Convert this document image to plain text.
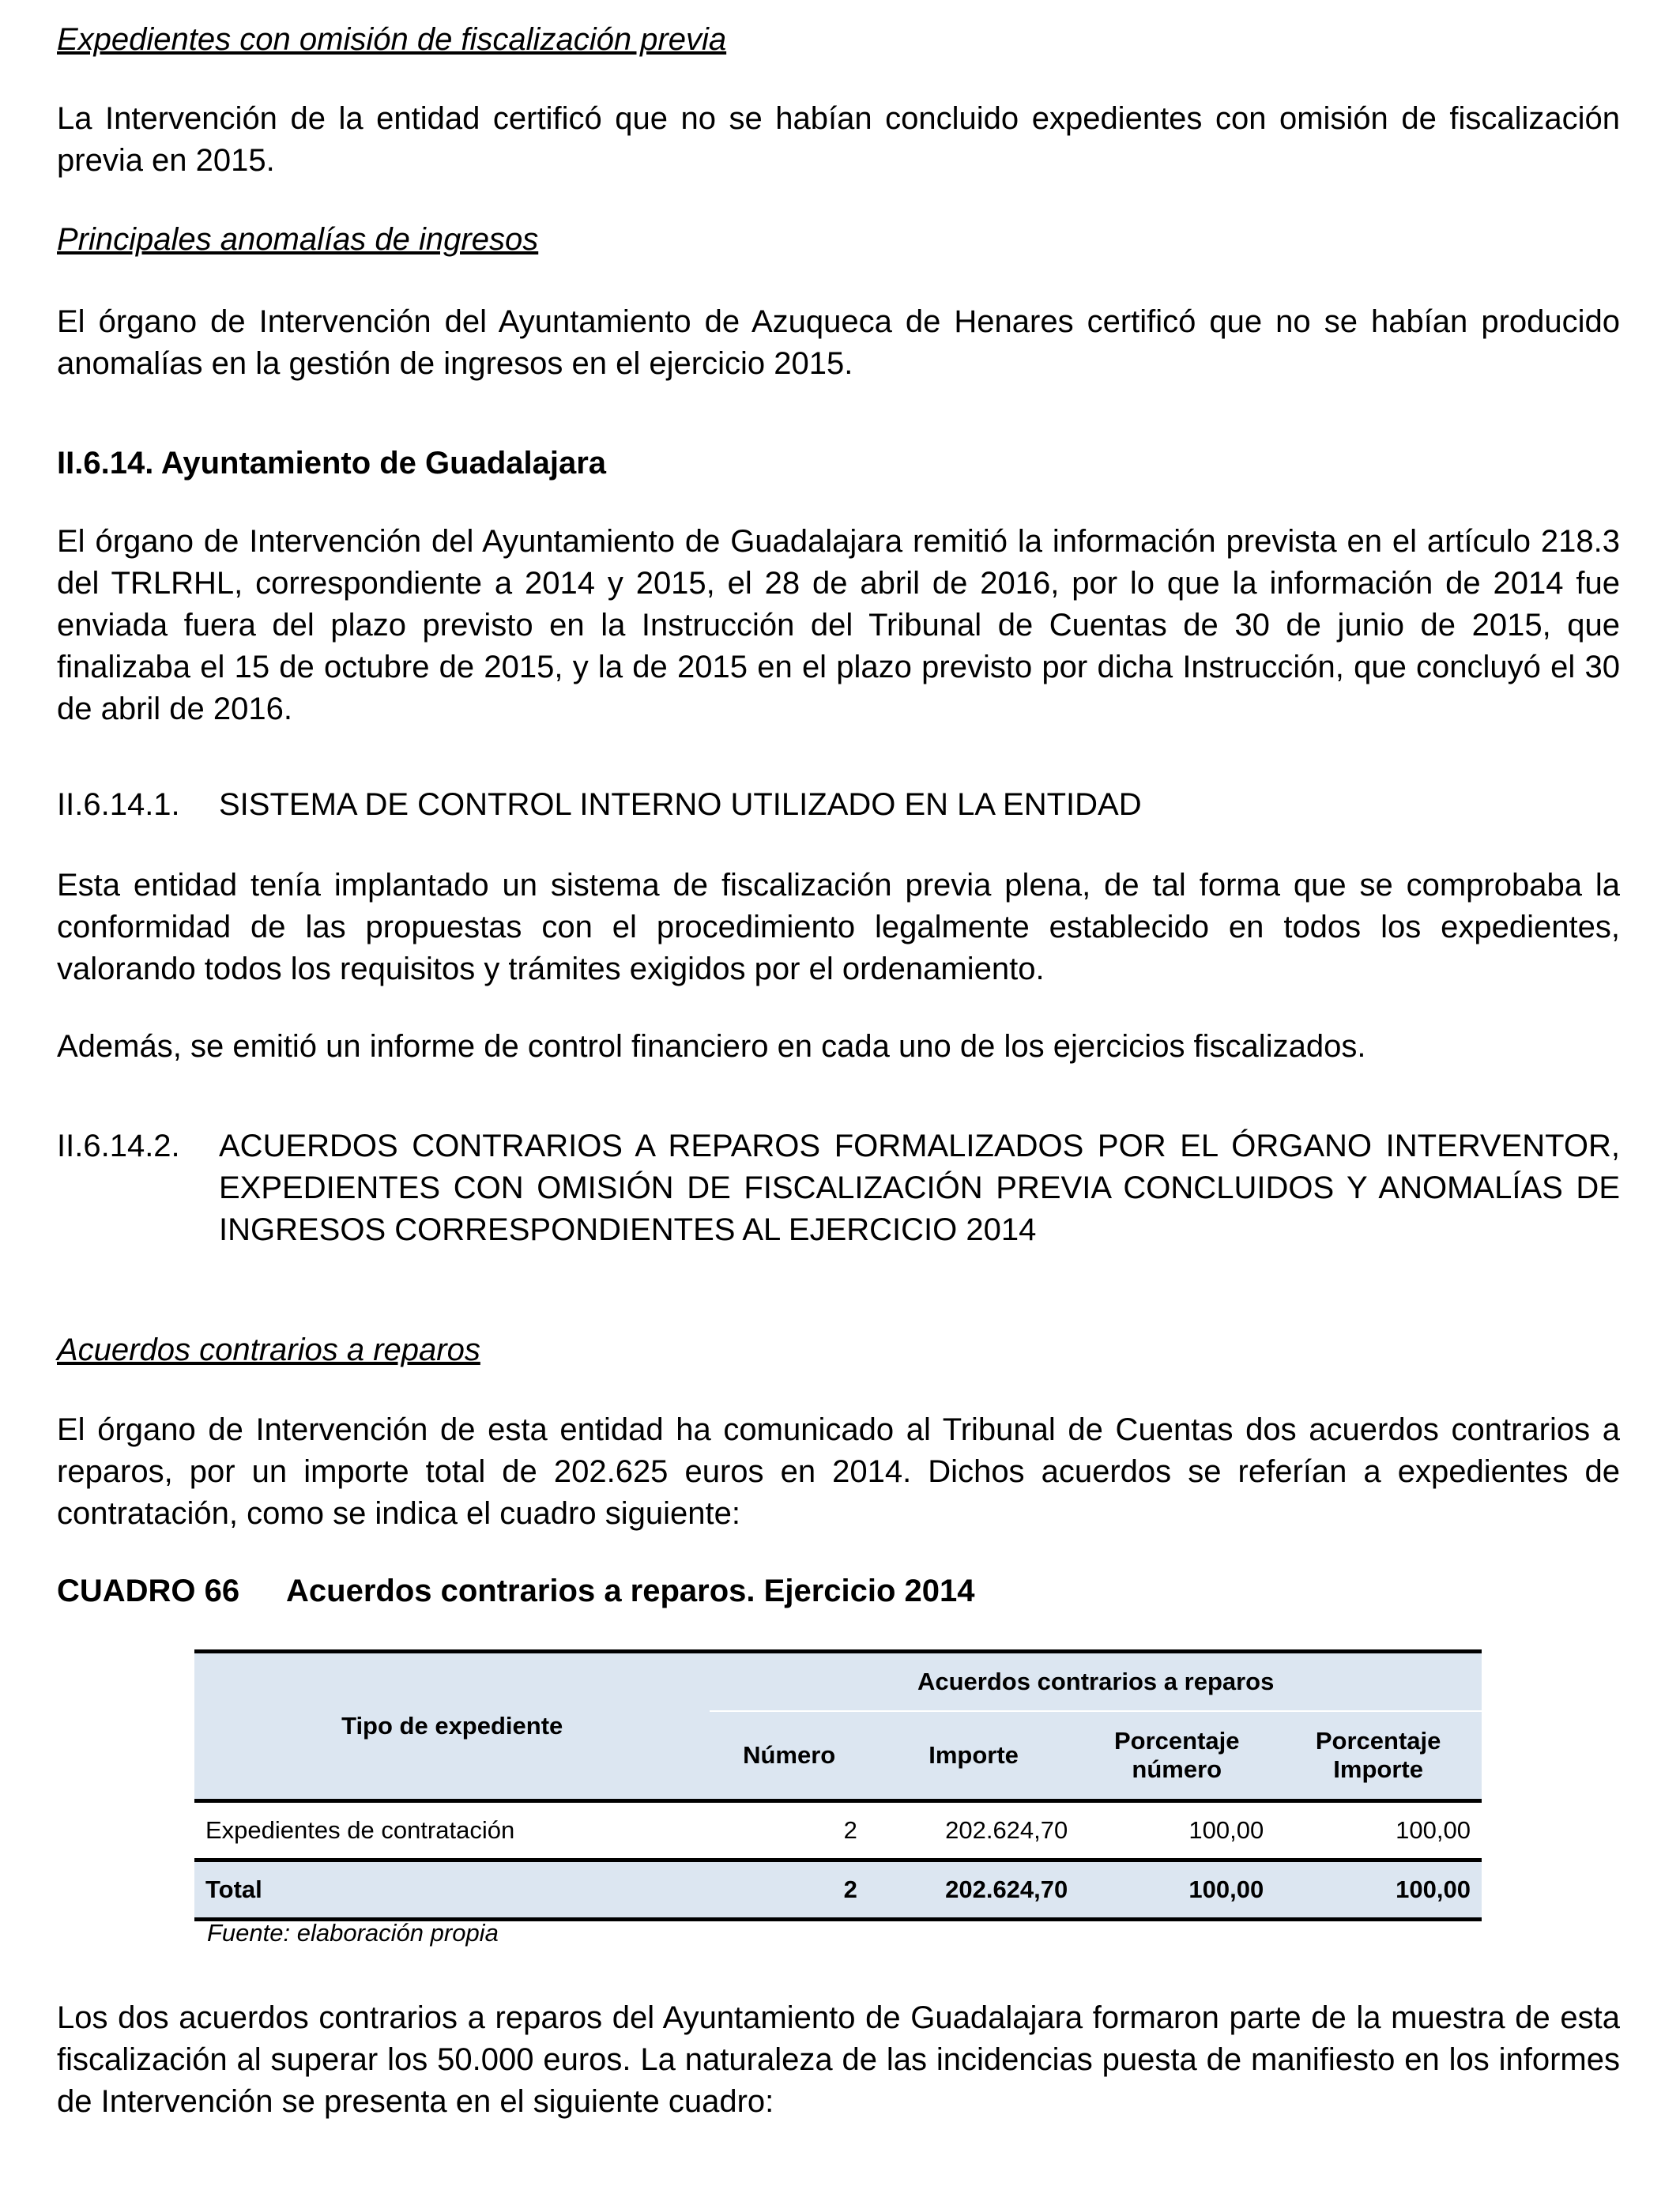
Expedientes con omisión de fiscalización previa
La Intervención de la entidad certificó que no se habían concluido expedientes con omisión de fiscalización previa en 2015.
Principales anomalías de ingresos
El órgano de Intervención del Ayuntamiento de Azuqueca de Henares certificó que no se habían producido anomalías en la gestión de ingresos en el ejercicio 2015.
II.6.14. Ayuntamiento de Guadalajara
El órgano de Intervención del Ayuntamiento de Guadalajara remitió la información prevista en el artículo 218.3 del TRLRHL, correspondiente a 2014 y 2015, el 28 de abril de 2016, por lo que la información de 2014 fue enviada fuera del plazo previsto en la Instrucción del Tribunal de Cuentas de 30 de junio de 2015, que finalizaba el 15 de octubre de 2015, y la de 2015 en el plazo previsto por dicha Instrucción, que concluyó el 30 de abril de 2016.
II.6.14.1.	SISTEMA DE CONTROL INTERNO UTILIZADO EN LA ENTIDAD
Esta entidad tenía implantado un sistema de fiscalización previa plena, de tal forma que se comprobaba la conformidad de las propuestas con el procedimiento legalmente establecido en todos los expedientes, valorando todos los requisitos y trámites exigidos por el ordenamiento.
Además, se emitió un informe de control financiero en cada uno de los ejercicios fiscalizados.
II.6.14.2.	ACUERDOS CONTRARIOS A REPAROS FORMALIZADOS POR EL ÓRGANO INTERVENTOR, EXPEDIENTES CON OMISIÓN DE FISCALIZACIÓN PREVIA CONCLUIDOS Y ANOMALÍAS DE INGRESOS CORRESPONDIENTES AL EJERCICIO 2014
Acuerdos contrarios a reparos
El órgano de Intervención de esta entidad ha comunicado al Tribunal de Cuentas dos acuerdos contrarios a reparos, por un importe total de 202.625 euros en 2014. Dichos acuerdos se referían a expedientes de contratación, como se indica el cuadro siguiente:
CUADRO 66	Acuerdos contrarios a reparos. Ejercicio 2014
Tipo de expediente	Acuerdos contrarios a reparos			
	Número	Importe	Porcentaje número	Porcentaje Importe
Expedientes de contratación	2	202.624,70	100,00	100,00
Total	2	202.624,70	100,00	100,00
Fuente: elaboración propia
Los dos acuerdos contrarios a reparos del Ayuntamiento de Guadalajara formaron parte de la muestra de esta fiscalización al superar los 50.000 euros. La naturaleza de las incidencias puesta de manifiesto en los informes de Intervención se presenta en el siguiente cuadro:
